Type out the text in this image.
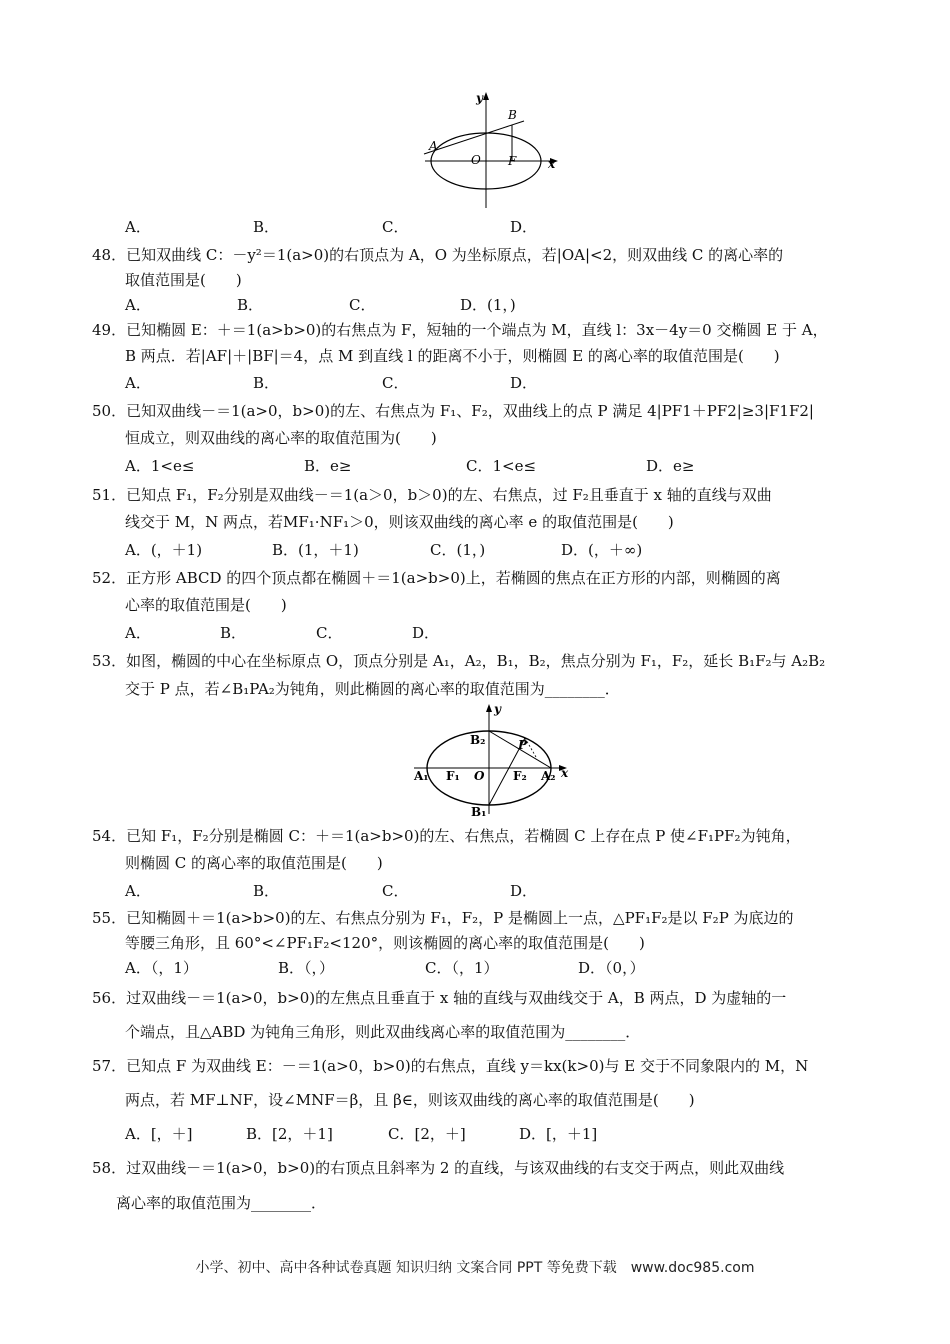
y
x
A
B
O F
A．	B．	C．	D．
48．已知双曲线 C：－y²＝1(a>0)的右顶点为 A，O 为坐标原点，若|OA|<2，则双曲线 C 的离心率的
取值范围是(　　)
A．	B．	C．	D．(1，)
49．已知椭圆 E：＋＝1(a>b>0)的右焦点为 F，短轴的一个端点为 M，直线 l：3x－4y＝0 交椭圆 E 于 A，
B 两点．若|AF|＋|BF|＝4，点 M 到直线 l 的距离不小于，则椭圆 E 的离心率的取值范围是(　　)
A．	B．	C．	D．
50．已知双曲线－＝1(a>0，b>0)的左、右焦点为 F₁、F₂，双曲线上的点 P 满足 4|PF1＋PF2|≥3|F1F2|
恒成立，则双曲线的离心率的取值范围为(　　)
A．1<e≤	B．e≥	C．1<e≤	D．e≥
51．已知点 F₁，F₂分别是双曲线－＝1(a＞0，b＞0)的左、右焦点，过 F₂且垂直于 x 轴的直线与双曲
线交于 M，N 两点，若MF₁·NF₁＞0，则该双曲线的离心率 e 的取值范围是(　　)
A．(，＋1)	B．(1，＋1)	C．(1，)	D．(，＋∞)
52．正方形 ABCD 的四个顶点都在椭圆＋＝1(a>b>0)上，若椭圆的焦点在正方形的内部，则椭圆的离
心率的取值范围是(　　)
A．	B．	C．	D．
53．如图，椭圆的中心在坐标原点 O，顶点分别是 A₁，A₂，B₁，B₂，焦点分别为 F₁，F₂，延长 B₁F₂与 A₂B₂
交于 P 点，若∠B₁PA₂为钝角，则此椭圆的离心率的取值范围为________．
y
x
B₂
B₁
P
A₁	A₂
F₁	F₂
O
54．已知 F₁，F₂分别是椭圆 C：＋＝1(a>b>0)的左、右焦点，若椭圆 C 上存在点 P 使∠F₁PF₂为钝角，
则椭圆 C 的离心率的取值范围是(　　)
A．	B．	C．	D．
55．已知椭圆＋＝1(a>b>0)的左、右焦点分别为 F₁，F₂，P 是椭圆上一点，△PF₁F₂是以 F₂P 为底边的
等腰三角形，且 60°<∠PF₁F₂<120°，则该椭圆的离心率的取值范围是(　　)
A．（，1）	B．（，）	C．（，1）	D．（0，）
56．过双曲线－＝1(a>0，b>0)的左焦点且垂直于 x 轴的直线与双曲线交于 A，B 两点，D 为虚轴的一
个端点，且△ABD 为钝角三角形，则此双曲线离心率的取值范围为________．
57．已知点 F 为双曲线 E：－＝1(a>0，b>0)的右焦点，直线 y＝kx(k>0)与 E 交于不同象限内的 M，N
两点，若 MF⊥NF，设∠MNF＝β，且 β∈，则该双曲线的离心率的取值范围是(　　)
A．[，＋]	B．[2，＋1]	C．[2，＋]	D．[，＋1]
58．过双曲线－＝1(a>0，b>0)的右顶点且斜率为 2 的直线，与该双曲线的右支交于两点，则此双曲线
离心率的取值范围为________．
小学、初中、高中各种试卷真题 知识归纳 文案合同 PPT 等免费下载　www.doc985.com
